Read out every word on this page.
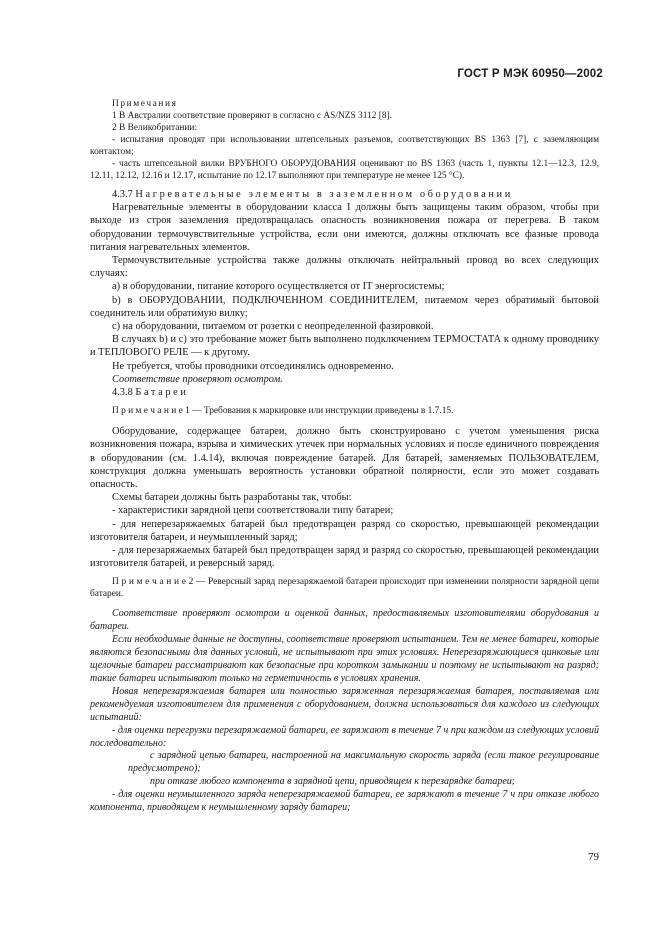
ГОСТ Р МЭК 60950—2002

Примечания

1 В Австралии соответствие проверяют в согласно с AS/NZS 3112 [8].

2 В Великобритании:

- испытания проводят при использовании штепсельных разъемов, соответствующих BS 1363 [7], с заземляющим контактом;

- часть штепсельной вилки ВРУБНОГО ОБОРУДОВАНИЯ оценивают по BS 1363 (часть 1, пункты 12.1—12.3, 12.9, 12.11, 12.12, 12.16 и 12.17, испытание по 12.17 выполняют при температуре не менее 125 °С).

4.3.7 Нагревательные элементы в заземленном оборудовании

Нагревательные элементы в оборудовании класса I должны быть защищены таким образом, чтобы при выходе из строя заземления предотвращалась опасность возникновения пожара от перегрева. В таком оборудовании термочувствительные устройства, если они имеются, должны отключать все фазные провода питания нагревательных элементов.

Термочувствительные устройства также должны отключать нейтральный провод во всех следующих случаях:

a) в оборудовании, питание которого осуществляется от IT энергосистемы;

b) в ОБОРУДОВАНИИ, ПОДКЛЮЧЕННОМ СОЕДИНИТЕЛЕМ, питаемом через обратимый бытовой соединитель или обратимую вилку;

c) на оборудовании, питаемом от розетки с неопределенной фазировкой.

В случаях b) и c) это требование может быть выполнено подключением ТЕРМОСТАТА к одному проводнику и ТЕПЛОВОГО РЕЛЕ — к другому.

Не требуется, чтобы проводники отсоединялись одновременно.

Соответствие проверяют осмотром.

4.3.8 Батареи

П р и м е ч а н и е 1 — Требования к маркировке или инструкции приведены в 1.7.15.

Оборудование, содержащее батареи, должно быть сконструировано с учетом уменьшения риска возникновения пожара, взрыва и химических утечек при нормальных условиях и после единичного повреждения в оборудовании (см. 1.4.14), включая повреждение батарей. Для батарей, заменяемых ПОЛЬЗОВАТЕЛЕМ, конструкция должна уменьшать вероятность установки обратной полярности, если это может создавать опасность.

Схемы батареи должны быть разработаны так, чтобы:

- характеристики зарядной цепи соответствовали типу батареи;

- для неперезаряжаемых батарей был предотвращен разряд со скоростью, превышающей рекомендации изготовителя батареи, и неумышленный заряд;

- для перезаряжаемых батарей был предотвращен заряд и разряд со скоростью, превышающей рекомендации изготовителя батарей, и реверсный заряд.

П р и м е ч а н и е 2 — Реверсный заряд перезаряжаемой батареи происходит при изменении полярности зарядной цепи батареи.

Соответствие проверяют осмотром и оценкой данных, предоставляемых изготовителями оборудования и батареи.

Если необходимые данные не доступны, соответствие проверяют испытанием. Тем не менее батареи, которые являются безопасными для данных условий, не испытывают при этих условиях. Неперезаряжающиеся цинковые или щелочные батареи рассматривают как безопасные при коротком замыкании и поэтому не испытывают на разряд; такие батареи испытывают только на герметичность в условиях хранения.

Новая неперезаряжаемая батарея или полностью заряженная перезаряжаемая батарея, поставляемая или рекомендуемая изготовителем для применения с оборудованием, должна использоваться для каждого из следующих испытаний:

- для оценки перегрузки перезаряжаемой батареи, ее заряжают в течение 7 ч при каждом из следующих условий последовательно:

с зарядной цепью батареи, настроенной на максимальную скорость заряда (если такое регулирование предусмотрено);

при отказе любого компонента в зарядной цепи, приводящем к перезарядке батареи;

- для оценки неумышленного заряда неперезаряжаемой батареи, ее заряжают в течение 7 ч при отказе любого компонента, приводящем к неумышленному заряду батареи;

79
